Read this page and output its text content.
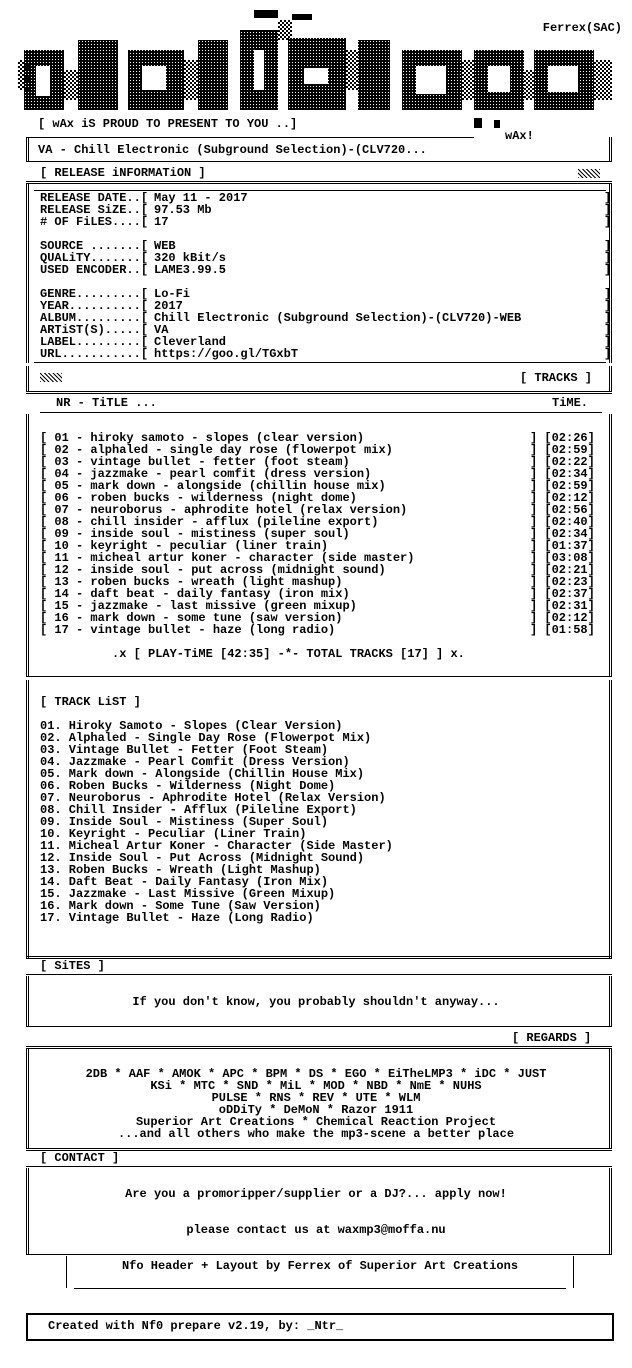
Ferrex(SAC)
[ wAx iS PROUD TO PRESENT TO YOU ..]
wAx!
VA - Chill Electronic (Subground Selection)-(CLV720...
[ RELEASE iNFORMATiON ]
RELEASE DATE..[ May 11 - 2017	]
RELEASE SiZE..[ 97.53 Mb	]
# OF FiLES....[ 17	]
SOURCE .......[ WEB	]
QUALiTY.......[ 320 kBit/s	]
USED ENCODER..[ LAME3.99.5	]
GENRE.........[ Lo-Fi	]
YEAR..........[ 2017	]
ALBUM.........[ Chill Electronic (Subground Selection)-(CLV720)-WEB	]
ARTiST(S).....[ VA	]
LABEL.........[ Cleverland	]
URL...........[ https://goo.gl/TGxbT	]
[ TRACKS ]
NR - TiTLE ...	TiME.
[ 01 - hiroky samoto - slopes (clear version)	] [02:26]
[ 02 - alphaled - single day rose (flowerpot mix)	] [02:59]
[ 03 - vintage bullet - fetter (foot steam)	] [02:22]
[ 04 - jazzmake - pearl comfit (dress version)	] [02:34]
[ 05 - mark down - alongside (chillin house mix)	] [02:59]
[ 06 - roben bucks - wilderness (night dome)	] [02:12]
[ 07 - neuroborus - aphrodite hotel (relax version)	] [02:56]
[ 08 - chill insider - afflux (pileline export)	] [02:40]
[ 09 - inside soul - mistiness (super soul)	] [02:34]
[ 10 - keyright - peculiar (liner train)	] [01:37]
[ 11 - micheal artur koner - character (side master)	] [03:08]
[ 12 - inside soul - put across (midnight sound)	] [02:21]
[ 13 - roben bucks - wreath (light mashup)	] [02:23]
[ 14 - daft beat - daily fantasy (iron mix)	] [02:37]
[ 15 - jazzmake - last missive (green mixup)	] [02:31]
[ 16 - mark down - some tune (saw version)	] [02:12]
[ 17 - vintage bullet - haze (long radio)	] [01:58]
.x [ PLAY-TiME [42:35] -*- TOTAL TRACKS [17] ] x.
[ TRACK LiST ]
01. Hiroky Samoto - Slopes (Clear Version)
02. Alphaled - Single Day Rose (Flowerpot Mix)
03. Vintage Bullet - Fetter (Foot Steam)
04. Jazzmake - Pearl Comfit (Dress Version)
05. Mark down - Alongside (Chillin House Mix)
06. Roben Bucks - Wilderness (Night Dome)
07. Neuroborus - Aphrodite Hotel (Relax Version)
08. Chill Insider - Afflux (Pileline Export)
09. Inside Soul - Mistiness (Super Soul)
10. Keyright - Peculiar (Liner Train)
11. Micheal Artur Koner - Character (Side Master)
12. Inside Soul - Put Across (Midnight Sound)
13. Roben Bucks - Wreath (Light Mashup)
14. Daft Beat - Daily Fantasy (Iron Mix)
15. Jazzmake - Last Missive (Green Mixup)
16. Mark down - Some Tune (Saw Version)
17. Vintage Bullet - Haze (Long Radio)
[ SiTES ]
If you don't know, you probably shouldn't anyway...
[ REGARDS ]
2DB * AAF * AMOK * APC * BPM * DS * EGO * EiTheLMP3 * iDC * JUST
KSi * MTC * SND * MiL * MOD * NBD * NmE * NUHS
PULSE * RNS * REV * UTE * WLM
oDDiTy * DeMoN * Razor 1911
Superior Art Creations * Chemical Reaction Project
...and all others who make the mp3-scene a better place
[ CONTACT ]
Are you a promoripper/supplier or a DJ?... apply now!
please contact us at waxmp3@moffa.nu
Nfo Header + Layout by Ferrex of Superior Art Creations
Created with Nf0 prepare v2.19, by: _Ntr_
